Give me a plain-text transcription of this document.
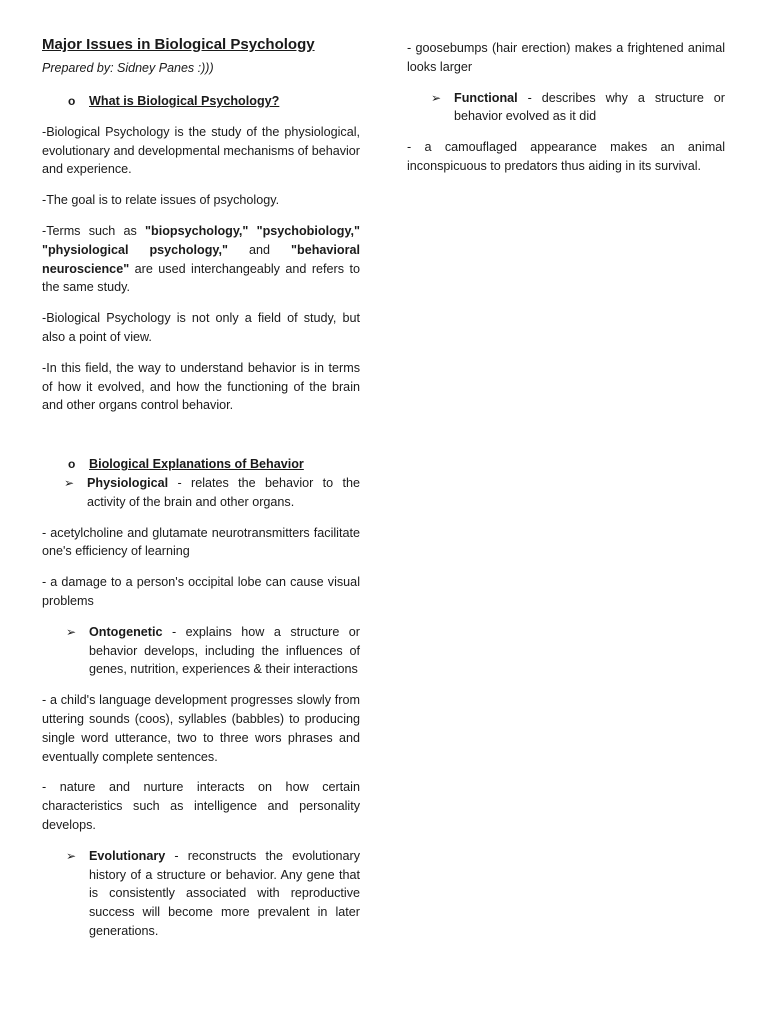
Major Issues in Biological Psychology
Prepared by: Sidney Panes :)))
o	What is Biological Psychology?

-Biological Psychology is the study of the physiological, evolutionary and developmental mechanisms of behavior and experience.

-The goal is to relate issues of psychology.

-Terms such as "biopsychology," "psychobiology," "physiological psychology," and "behavioral neuroscience" are used interchangeably and refers to the same study.

-Biological Psychology is not only a field of study, but also a point of view.

-In this field, the way to understand behavior is in terms of how it evolved, and how the functioning of the brain and other organs control behavior.

o	Biological Explanations of Behavior
➢	Physiological - relates the behavior to the activity of the brain and other organs.

- acetylcholine and glutamate neurotransmitters facilitate one's efficiency of learning

- a damage to a person's occipital lobe can cause visual problems

➢	Ontogenetic - explains how a structure or behavior develops, including the influences of genes, nutrition, experiences & their interactions

- a child's language development progresses slowly from uttering sounds (coos), syllables (babbles) to producing single word utterance, two to three wors phrases and eventually complete sentences.

- nature and nurture interacts on how certain characteristics such as intelligence and personality develops.

➢	Evolutionary - reconstructs the evolutionary history of a structure or behavior. Any gene that is consistently associated with reproductive success will become more prevalent in later generations.

- goosebumps (hair erection) makes a frightened animal looks larger

➢	Functional - describes why a structure or behavior evolved as it did

- a camouflaged appearance makes an animal inconspicuous to predators thus aiding in its survival.
